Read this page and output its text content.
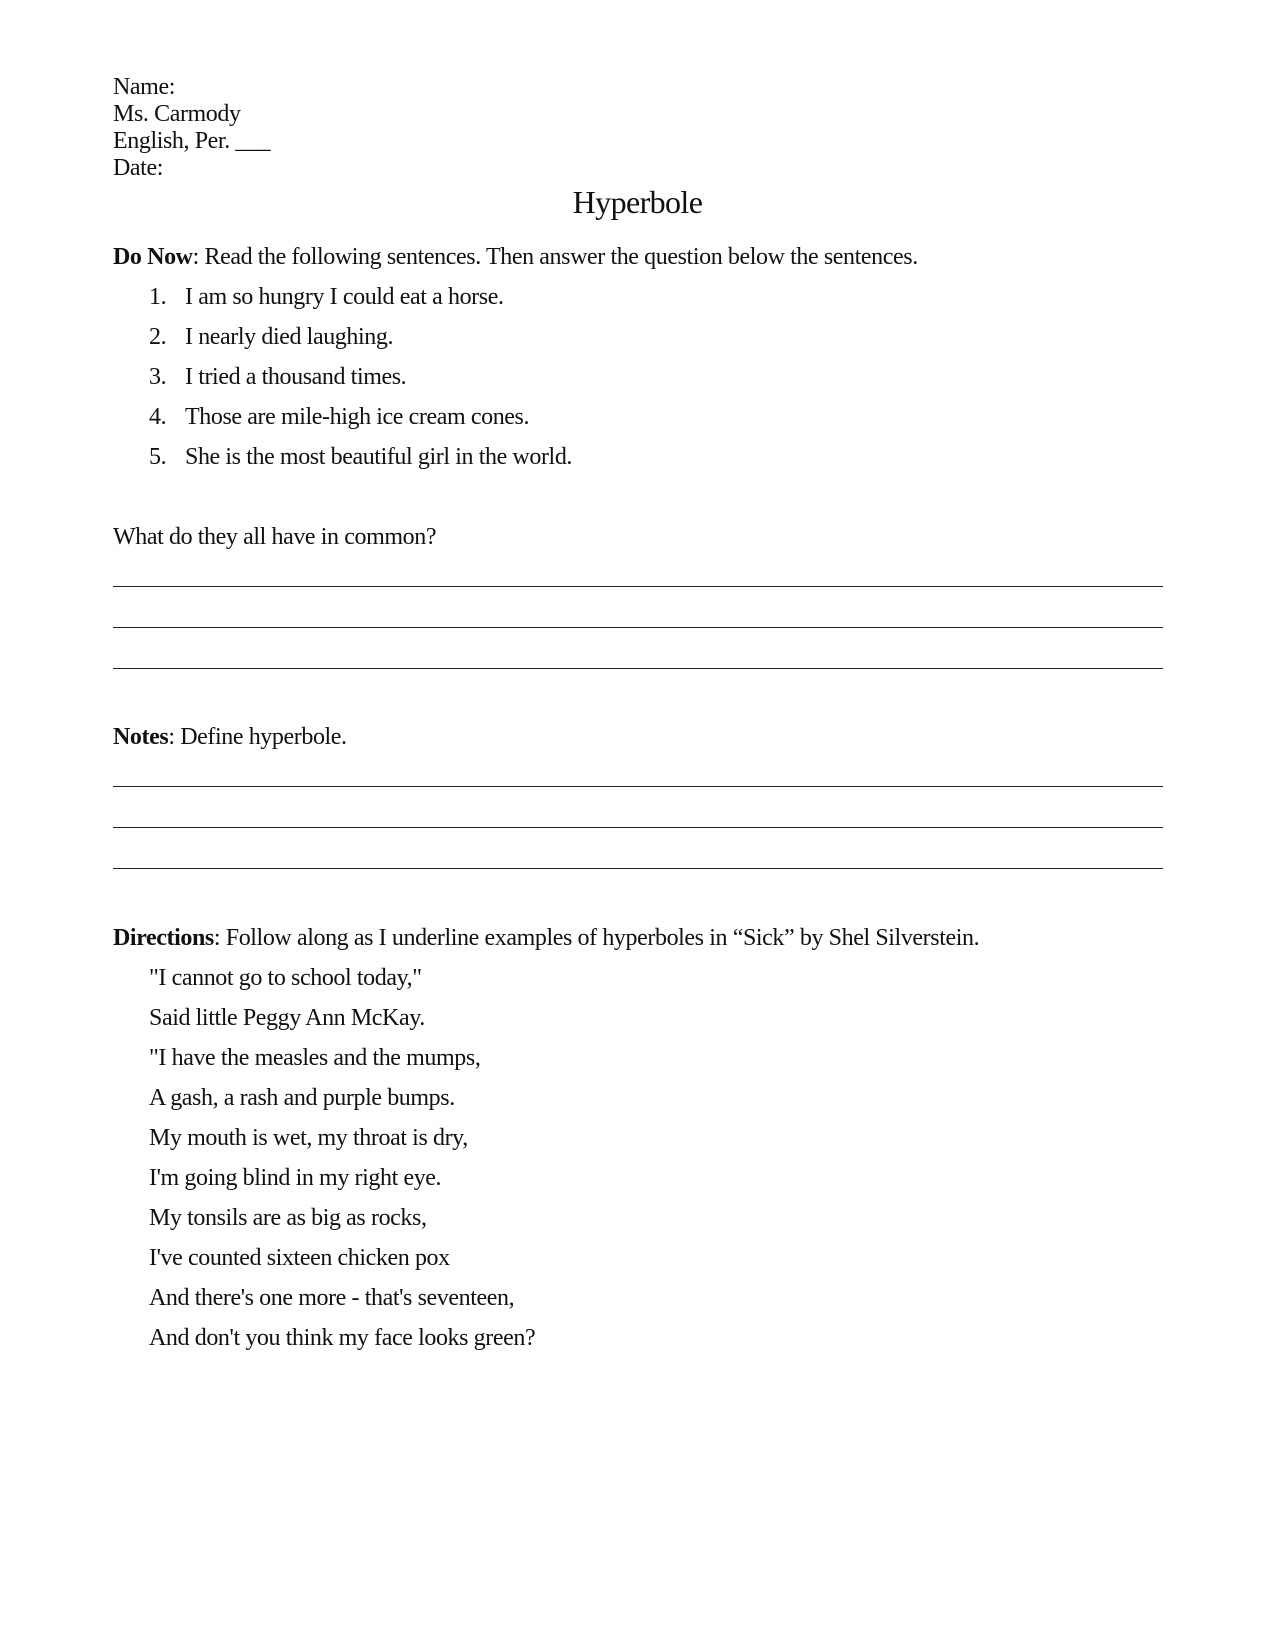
Name:
Ms. Carmody
English, Per. ___
Date:
Hyperbole
Do Now: Read the following sentences. Then answer the question below the sentences.
1. I am so hungry I could eat a horse.
2. I nearly died laughing.
3. I tried a thousand times.
4. Those are mile-high ice cream cones.
5. She is the most beautiful girl in the world.
What do they all have in common?
Notes: Define hyperbole.
Directions: Follow along as I underline examples of hyperboles in “Sick” by Shel Silverstein.
"I cannot go to school today,"
Said little Peggy Ann McKay.
"I have the measles and the mumps,
A gash, a rash and purple bumps.
My mouth is wet, my throat is dry,
I'm going blind in my right eye.
My tonsils are as big as rocks,
I've counted sixteen chicken pox
And there's one more - that's seventeen,
And don't you think my face looks green?
